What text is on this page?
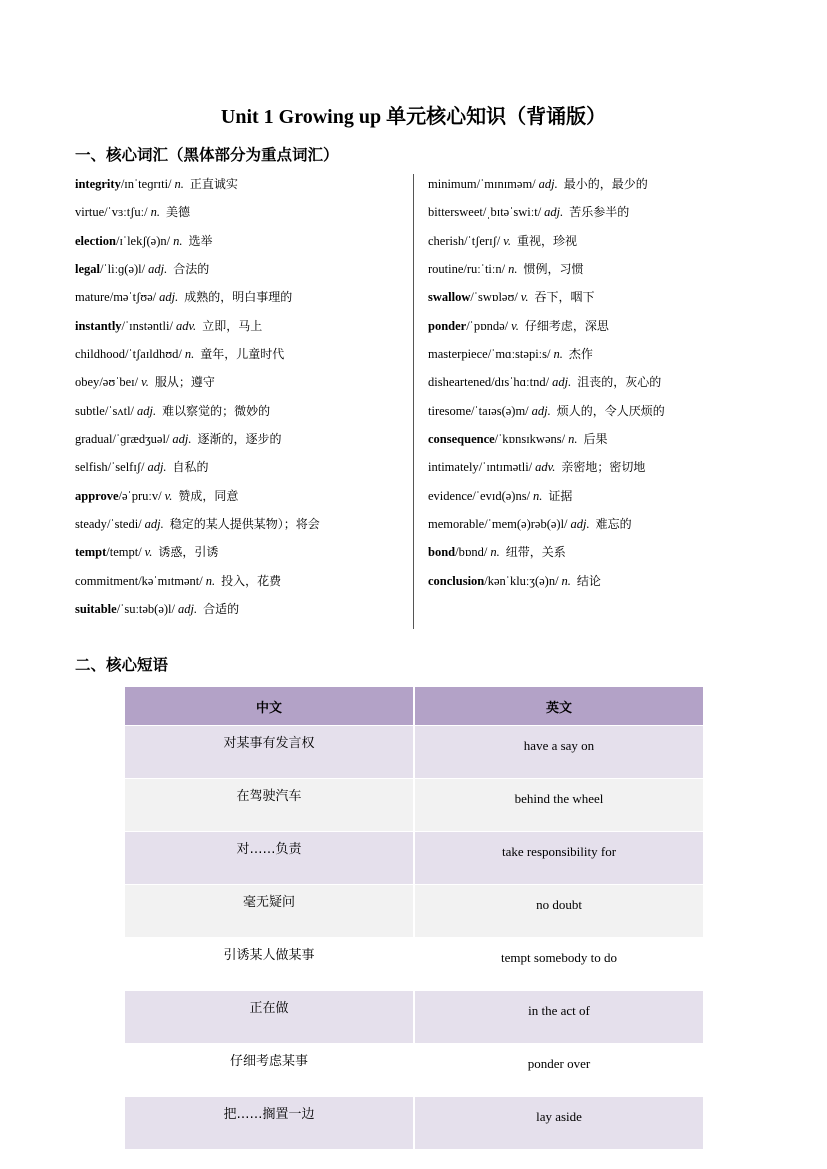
Unit 1 Growing up 单元核心知识（背诵版）
一、核心词汇（黑体部分为重点词汇）
integrity/ɪnˈteɡrɪti/ n. 正直诚实
virtue/ˈvɜːtʃuː/ n. 美德
election/ɪˈlekʃ(ə)n/ n. 选举
legal/ˈliːɡ(ə)l/ adj. 合法的
mature/məˈtʃʊə/ adj. 成熟的，明白事理的
instantly/ˈɪnstəntli/ adv. 立即，马上
childhood/ˈtʃaɪldhʊd/ n. 童年，儿童时代
obey/əʊˈbeɪ/ v. 服从；遵守
subtle/ˈsʌtl/ adj. 难以察觉的；微妙的
gradual/ˈɡrædʒuəl/ adj. 逐渐的，逐步的
selfish/ˈselfɪʃ/ adj. 自私的
approve/əˈpruːv/ v. 赞成，同意
steady/ˈstedi/ adj. 稳定的某人提供某物）；将会
tempt/tempt/ v. 诱惑，引诱
commitment/kəˈmɪtmənt/ n. 投入，花费
suitable/ˈsuːtəb(ə)l/ adj. 合适的
minimum/ˈmɪnɪməm/ adj. 最小的，最少的
bittersweet/ˌbɪtəˈswiːt/ adj. 苦乐参半的
cherish/ˈtʃerɪʃ/ v. 重视，珍视
routine/ruːˈtiːn/ n. 惯例，习惯
swallow/ˈswɒləʊ/ v. 吞下，咽下
ponder/ˈpɒndə/ v. 仔细考虑，深思
masterpiece/ˈmɑːstəpiːs/ n. 杰作
disheartened/dɪsˈhɑːtnd/ adj. 沮丧的，灰心的
tiresome/ˈtaɪəs(ə)m/ adj. 烦人的，令人厌烦的
consequence/ˈkɒnsɪkwəns/ n. 后果
intimately/ˈɪntɪmətli/ adv. 亲密地；密切地
evidence/ˈevɪd(ə)ns/ n. 证据
memorable/ˈmem(ə)rəb(ə)l/ adj. 难忘的
bond/bɒnd/ n. 纽带，关系
conclusion/kənˈkluːʒ(ə)n/ n. 结论
二、核心短语
中文	英文
对某事有发言权	have a say on
在驾驶汽车	behind the wheel
对……负责	take responsibility for
毫无疑问	no doubt
引诱某人做某事	tempt somebody to do
正在做	in the act of
仔细考虑某事	ponder over
把……搁置一边	lay aside
